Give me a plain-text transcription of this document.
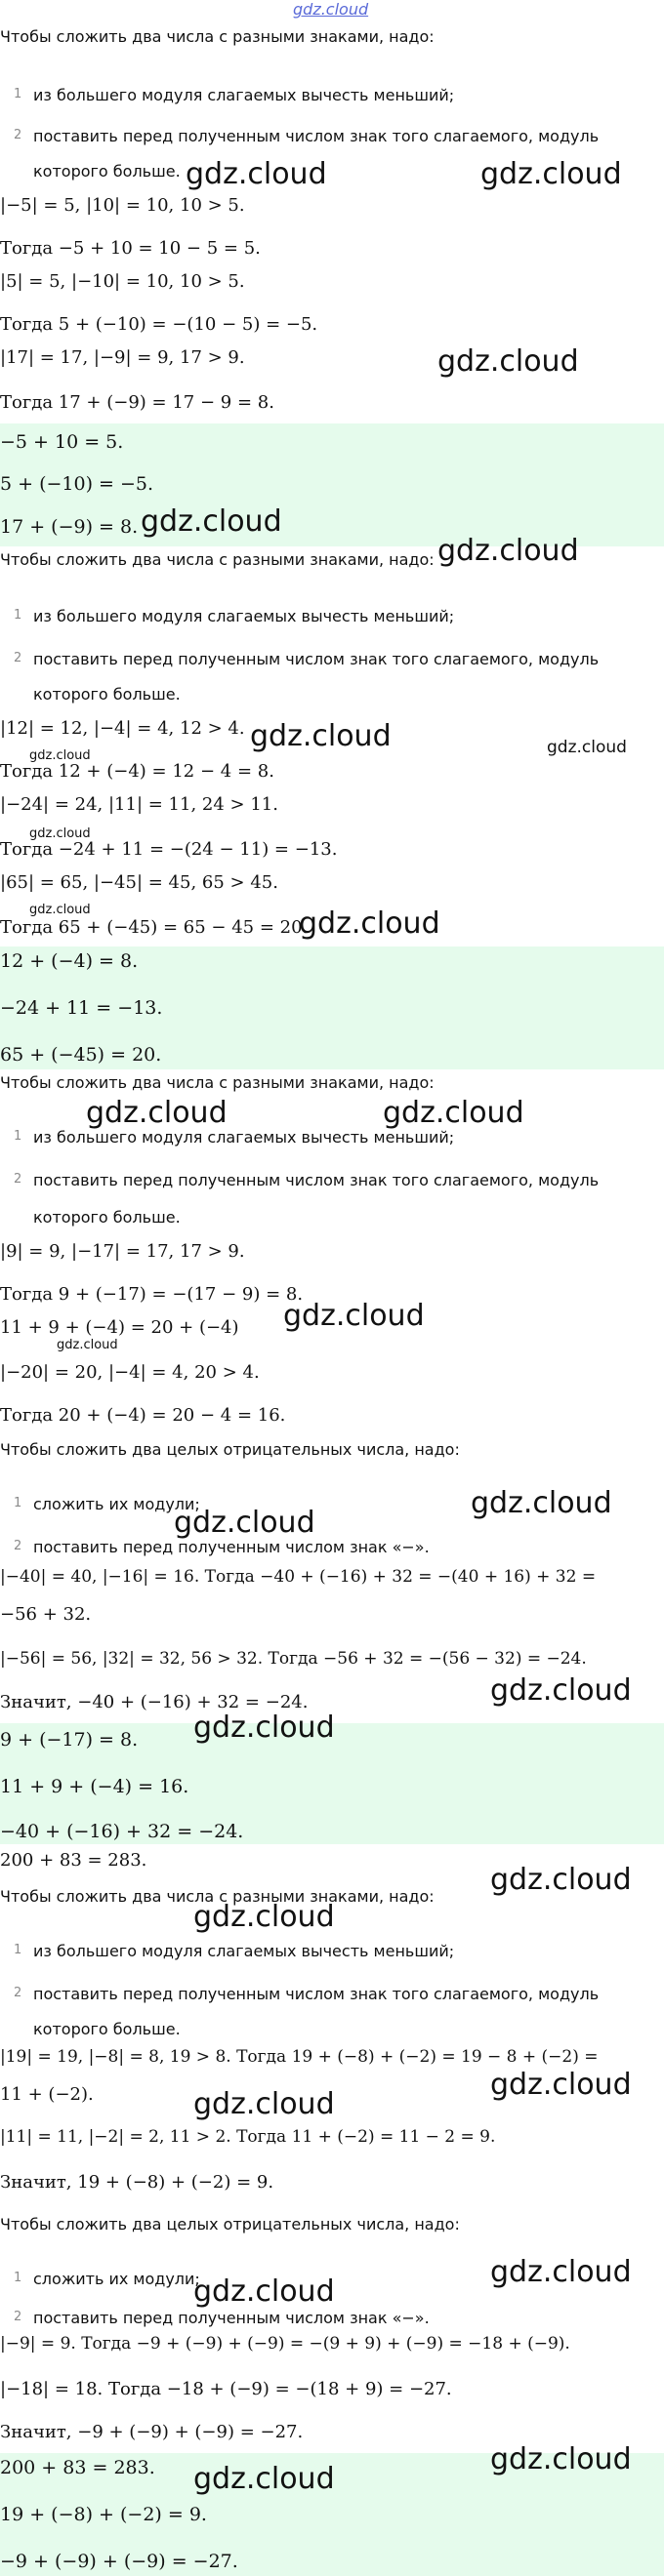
gdz.cloud
Чтобы сложить два числа с разными знаками, надо:
1 из большего модуля слагаемых вычесть меньший;
2 поставить перед полученным числом знак того слагаемого, модуль
которого больше.
|−5| = 5, |10| = 10, 10 > 5.
Тогда −5 + 10 = 10 − 5 = 5.
|5| = 5, |−10| = 10, 10 > 5.
Тогда 5 + (−10) = −(10 − 5) = −5.
|17| = 17, |−9| = 9, 17 > 9.
Тогда 17 + (−9) = 17 − 9 = 8.
−5 + 10 = 5.
5 + (−10) = −5.
17 + (−9) = 8.
Чтобы сложить два числа с разными знаками, надо:
1 из большего модуля слагаемых вычесть меньший;
2 поставить перед полученным числом знак того слагаемого, модуль
которого больше.
|12| = 12, |−4| = 4, 12 > 4.
Тогда 12 + (−4) = 12 − 4 = 8.
|−24| = 24, |11| = 11, 24 > 11.
Тогда −24 + 11 = −(24 − 11) = −13.
|65| = 65, |−45| = 45, 65 > 45.
Тогда 65 + (−45) = 65 − 45 = 20.
12 + (−4) = 8.
−24 + 11 = −13.
65 + (−45) = 20.
Чтобы сложить два числа с разными знаками, надо:
1 из большего модуля слагаемых вычесть меньший;
2 поставить перед полученным числом знак того слагаемого, модуль
которого больше.
|9| = 9, |−17| = 17, 17 > 9.
Тогда 9 + (−17) = −(17 − 9) = 8.
11 + 9 + (−4) = 20 + (−4)
|−20| = 20, |−4| = 4, 20 > 4.
Тогда 20 + (−4) = 20 − 4 = 16.
Чтобы сложить два целых отрицательных числа, надо:
1 сложить их модули;
2 поставить перед полученным числом знак «−».
|−40| = 40, |−16| = 16. Тогда −40 + (−16) + 32 = −(40 + 16) + 32 =
−56 + 32.
|−56| = 56, |32| = 32, 56 > 32. Тогда −56 + 32 = −(56 − 32) = −24.
Значит, −40 + (−16) + 32 = −24.
9 + (−17) = 8.
11 + 9 + (−4) = 16.
−40 + (−16) + 32 = −24.
200 + 83 = 283.
Чтобы сложить два числа с разными знаками, надо:
1 из большего модуля слагаемых вычесть меньший;
2 поставить перед полученным числом знак того слагаемого, модуль
которого больше.
|19| = 19, |−8| = 8, 19 > 8. Тогда 19 + (−8) + (−2) = 19 − 8 + (−2) =
11 + (−2).
|11| = 11, |−2| = 2, 11 > 2. Тогда 11 + (−2) = 11 − 2 = 9.
Значит, 19 + (−8) + (−2) = 9.
Чтобы сложить два целых отрицательных числа, надо:
1 сложить их модули;
2 поставить перед полученным числом знак «−».
|−9| = 9. Тогда −9 + (−9) + (−9) = −(9 + 9) + (−9) = −18 + (−9).
|−18| = 18. Тогда −18 + (−9) = −(18 + 9) = −27.
Значит, −9 + (−9) + (−9) = −27.
200 + 83 = 283.
19 + (−8) + (−2) = 9.
−9 + (−9) + (−9) = −27.
gdz.cloud	gdz.cloud
gdz.cloud
gdz.cloud
gdz.cloud
gdz.cloud	gdz.cloud
gdz.cloud
gdz.cloud
gdz.cloud	gdz.cloud
gdz.cloud	gdz.cloud
gdz.cloud
gdz.cloud
gdz.cloud
gdz.cloud
gdz.cloud
gdz.cloud
gdz.cloud
gdz.cloud
gdz.cloud
gdz.cloud
gdz.cloud
gdz.cloud
gdz.cloud
gdz.cloud
